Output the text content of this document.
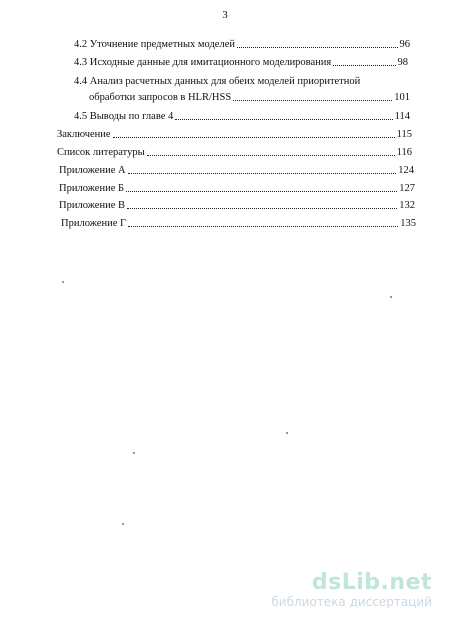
3
4.2 Уточнение предметных моделей	96
4.3 Исходные данные для имитационного моделирования	98
4.4 Анализ расчетных данных для обеих моделей приоритетной
обработки запросов в HLR/HSS	101
4.5 Выводы по главе 4	114
Заключение	115
Список литературы	116
Приложение А	124
Приложение Б	127
Приложение В	132
Приложение Г	135
dsLib.net
библиотека диссертаций
